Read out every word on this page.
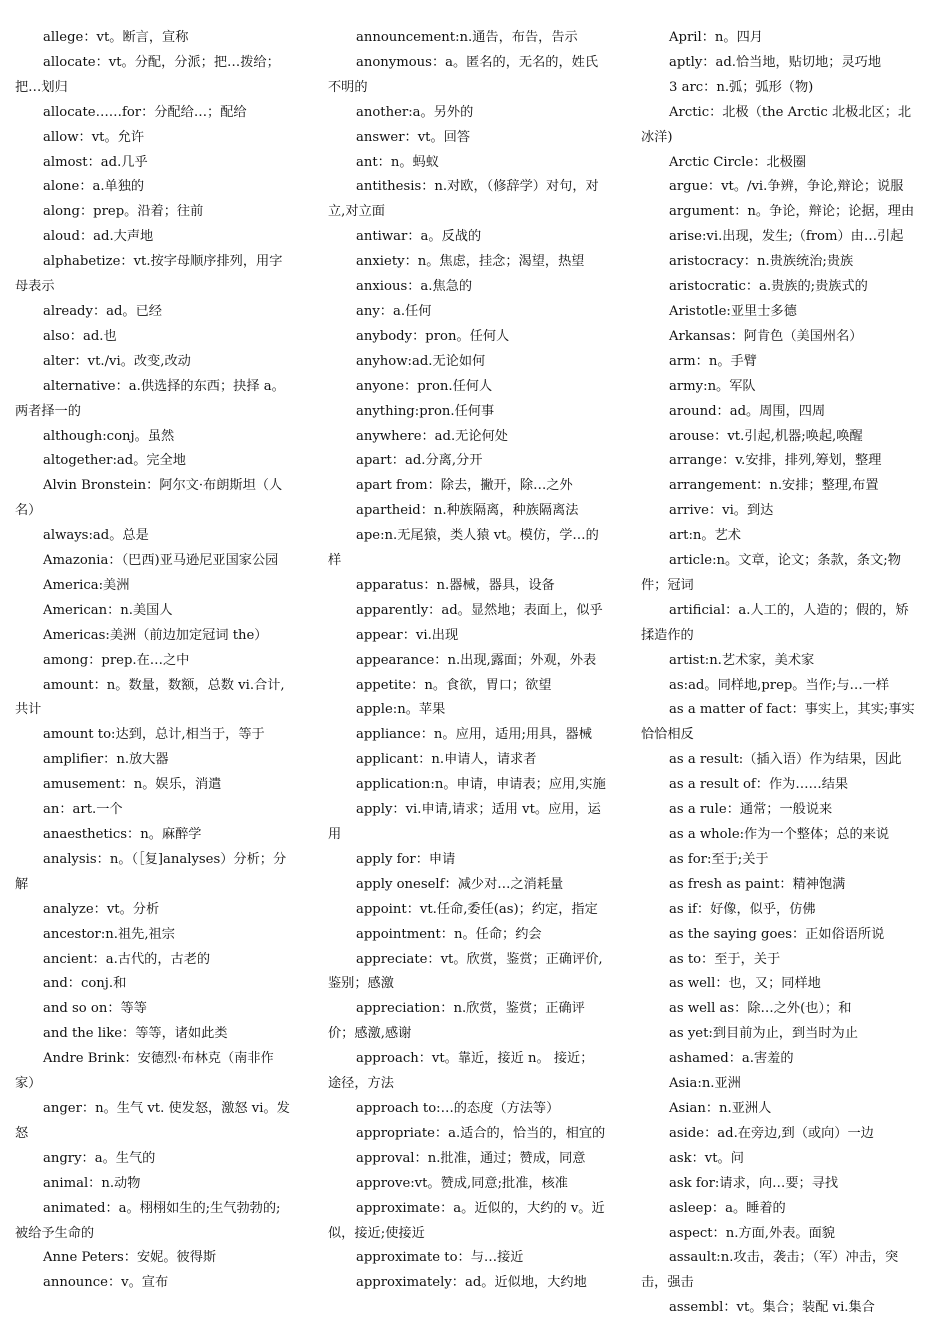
allege：vt。断言，宣称

allocate：vt。分配，分派；把…拨给；把…划归

allocate……for：分配给…；配给

allow：vt。允许

almost：ad.几乎

alone：a.单独的

along：prep。沿着；往前

aloud：ad.大声地

alphabetize：vt.按字母顺序排列，用字母表示

already：ad。已经

also：ad.也

alter：vt./vi。改变,改动

alternative：a.供选择的东西；抉择 a。两者择一的

although:conj。虽然

altogether:ad。完全地

Alvin Bronstein：阿尔文·布朗斯坦（人名）

always:ad。总是

Amazonia：（巴西)亚马逊尼亚国家公园

America:美洲

American：n.美国人

Americas:美洲（前边加定冠词 the）

among：prep.在…之中

amount：n。数量，数额，总数 vi.合计,共计

amount to:达到，总计,相当于，等于

amplifier：n.放大器

amusement：n。娱乐，消遣

an：art.一个

anaesthetics：n。麻醉学

analysis：n。（［复]analyses）分析；分解

analyze：vt。分析

ancestor:n.祖先,祖宗

ancient：a.古代的，古老的

and：conj.和

and so on：等等

and the like：等等，诸如此类

Andre Brink：安德烈·布林克（南非作家）

anger：n。生气 vt. 使发怒，激怒 vi。发怒

angry：a。生气的

animal：n.动物

animated：a。栩栩如生的;生气勃勃的;被给予生命的

Anne Peters：安妮。彼得斯

announce：v。宣布

announcement:n.通告，布告，告示

anonymous：a。匿名的，无名的，姓氏不明的

another:a。另外的

answer：vt。回答

ant：n。蚂蚁

antithesis：n.对欧，（修辞学）对句，对立,对立面

antiwar：a。反战的

anxiety：n。焦虑，挂念；渴望，热望

anxious：a.焦急的

any：a.任何

anybody：pron。任何人

anyhow:ad.无论如何

anyone：pron.任何人

anything:pron.任何事

anywhere：ad.无论何处

apart：ad.分离,分开

apart from：除去，撇开，除…之外

apartheid：n.种族隔离，种族隔离法

ape:n.无尾猿，类人猿 vt。模仿，学…的样

apparatus：n.器械，器具，设备

apparently：ad。显然地；表面上，似乎

appear：vi.出现

appearance：n.出现,露面；外观，外表

appetite：n。食欲，胃口；欲望

apple:n。苹果

appliance：n。应用，适用;用具，器械

applicant：n.申请人，请求者

application:n。申请，申请表；应用,实施

apply：vi.申请,请求；适用 vt。应用，运用

apply for：申请

apply oneself：减少对…之消耗量

appoint：vt.任命,委任(as)；约定，指定

appointment：n。任命；约会

appreciate：vt。欣赏，鉴赏；正确评价,鉴别；感激

appreciation：n.欣赏，鉴赏；正确评价；感激,感谢

approach：vt。靠近，接近 n。 接近；途径，方法

approach to:…的态度（方法等）

appropriate：a.适合的，恰当的，相宜的

approval：n.批准，通过；赞成，同意

approve:vt。赞成,同意;批准，核准

approximate：a。近似的，大约的 v。近似，接近;使接近

approximate to：与…接近

approximately：ad。近似地，大约地

April：n。四月

aptly：ad.恰当地，贴切地；灵巧地

3 arc：n.弧；弧形（物)

Arctic：北极（the Arctic 北极北区；北冰洋)

Arctic Circle：北极圈

argue：vt。/vi.争辨，争论,辩论；说服

argument：n。争论，辩论；论据，理由

arise:vi.出现，发生;（from）由…引起

aristocracy：n.贵族统治;贵族

aristocratic：a.贵族的;贵族式的

Aristotle:亚里士多德

Arkansas：阿肯色（美国州名）

arm：n。手臂

army:n。军队

around：ad。周围，四周

arouse：vt.引起,机器;唤起,唤醒

arrange：v.安排，排列,筹划，整理

arrangement：n.安排；整理,布置

arrive：vi。到达

art:n。艺术

article:n。文章，论文；条款，条文;物件；冠词

artificial：a.人工的，人造的；假的，矫揉造作的

artist:n.艺术家，美术家

as:ad。同样地,prep。当作;与…一样

as a matter of fact：事实上，其实;事实恰恰相反

as a result:（插入语）作为结果，因此

as a result of：作为……结果

as a rule：通常；一般说来

as a whole:作为一个整体；总的来说

as for:至于;关于

as fresh as paint：精神饱满

as if：好像，似乎，仿佛

as the saying goes：正如俗语所说

as to：至于，关于

as well：也，又；同样地

as well as：除…之外(也）；和

as yet:到目前为止，到当时为止

ashamed：a.害羞的

Asia:n.亚洲

Asian：n.亚洲人

aside：ad.在旁边,到（或向）一边

ask：vt。问

ask for:请求，向…要；寻找

asleep：a。睡着的

aspect：n.方面,外表。面貌

assault:n.攻击，袭击；（军）冲击，突击，强击

assembl：vt。集合；装配 vi.集合
